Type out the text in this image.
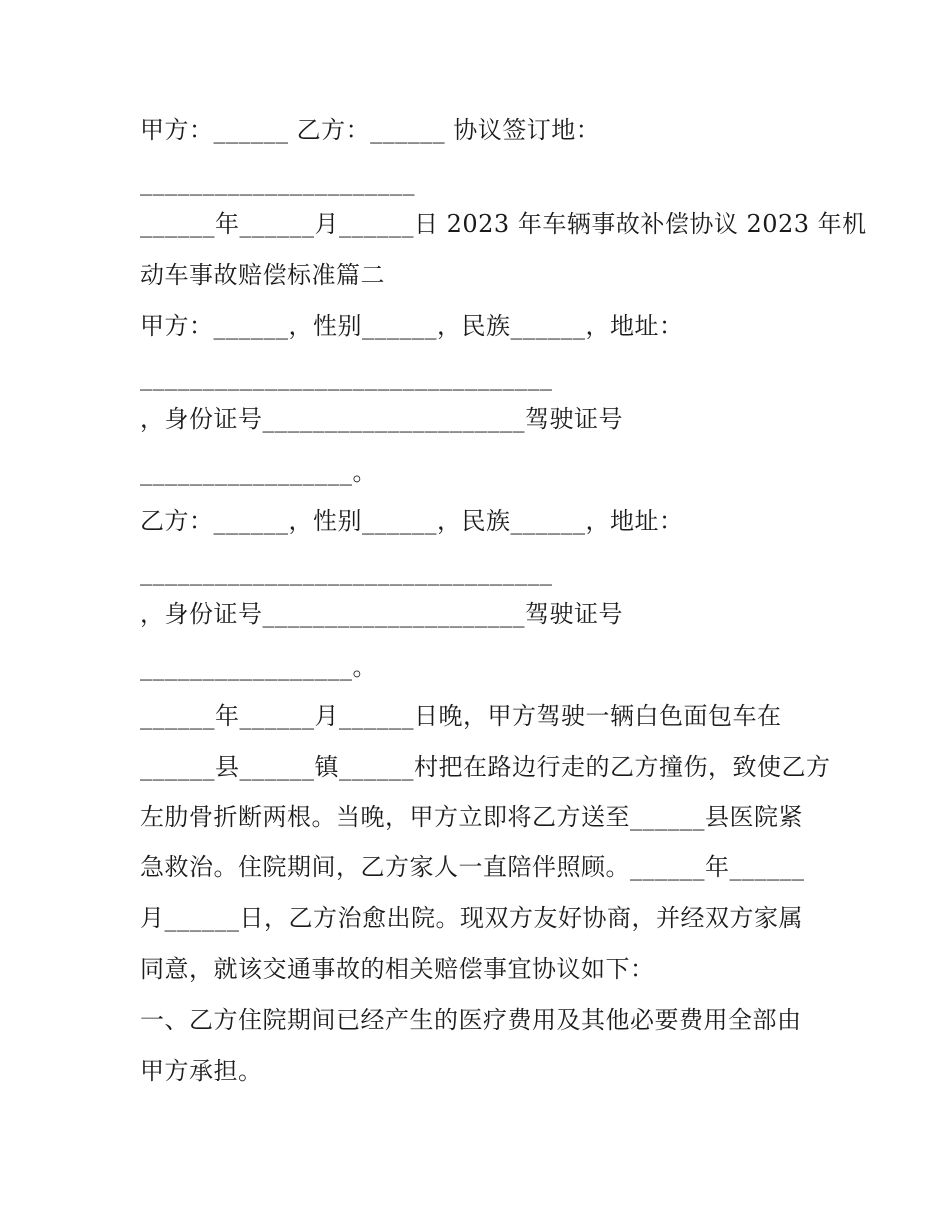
甲方：______ 乙方：______ 协议签订地：
______________________
______年______月______日 2023 年车辆事故补偿协议 2023 年机
动车事故赔偿标准篇二
甲方：______，性别______，民族______，地址：
_________________________________
，身份证号_____________________驾驶证号
_________________。
乙方：______，性别______，民族______，地址：
_________________________________
，身份证号_____________________驾驶证号
_________________。
______年______月______日晚，甲方驾驶一辆白色面包车在
______县______镇______村把在路边行走的乙方撞伤，致使乙方
左肋骨折断两根。当晚，甲方立即将乙方送至______县医院紧
急救治。住院期间，乙方家人一直陪伴照顾。______年______
月______日，乙方治愈出院。现双方友好协商，并经双方家属
同意，就该交通事故的相关赔偿事宜协议如下：
一、乙方住院期间已经产生的医疗费用及其他必要费用全部由
甲方承担。
